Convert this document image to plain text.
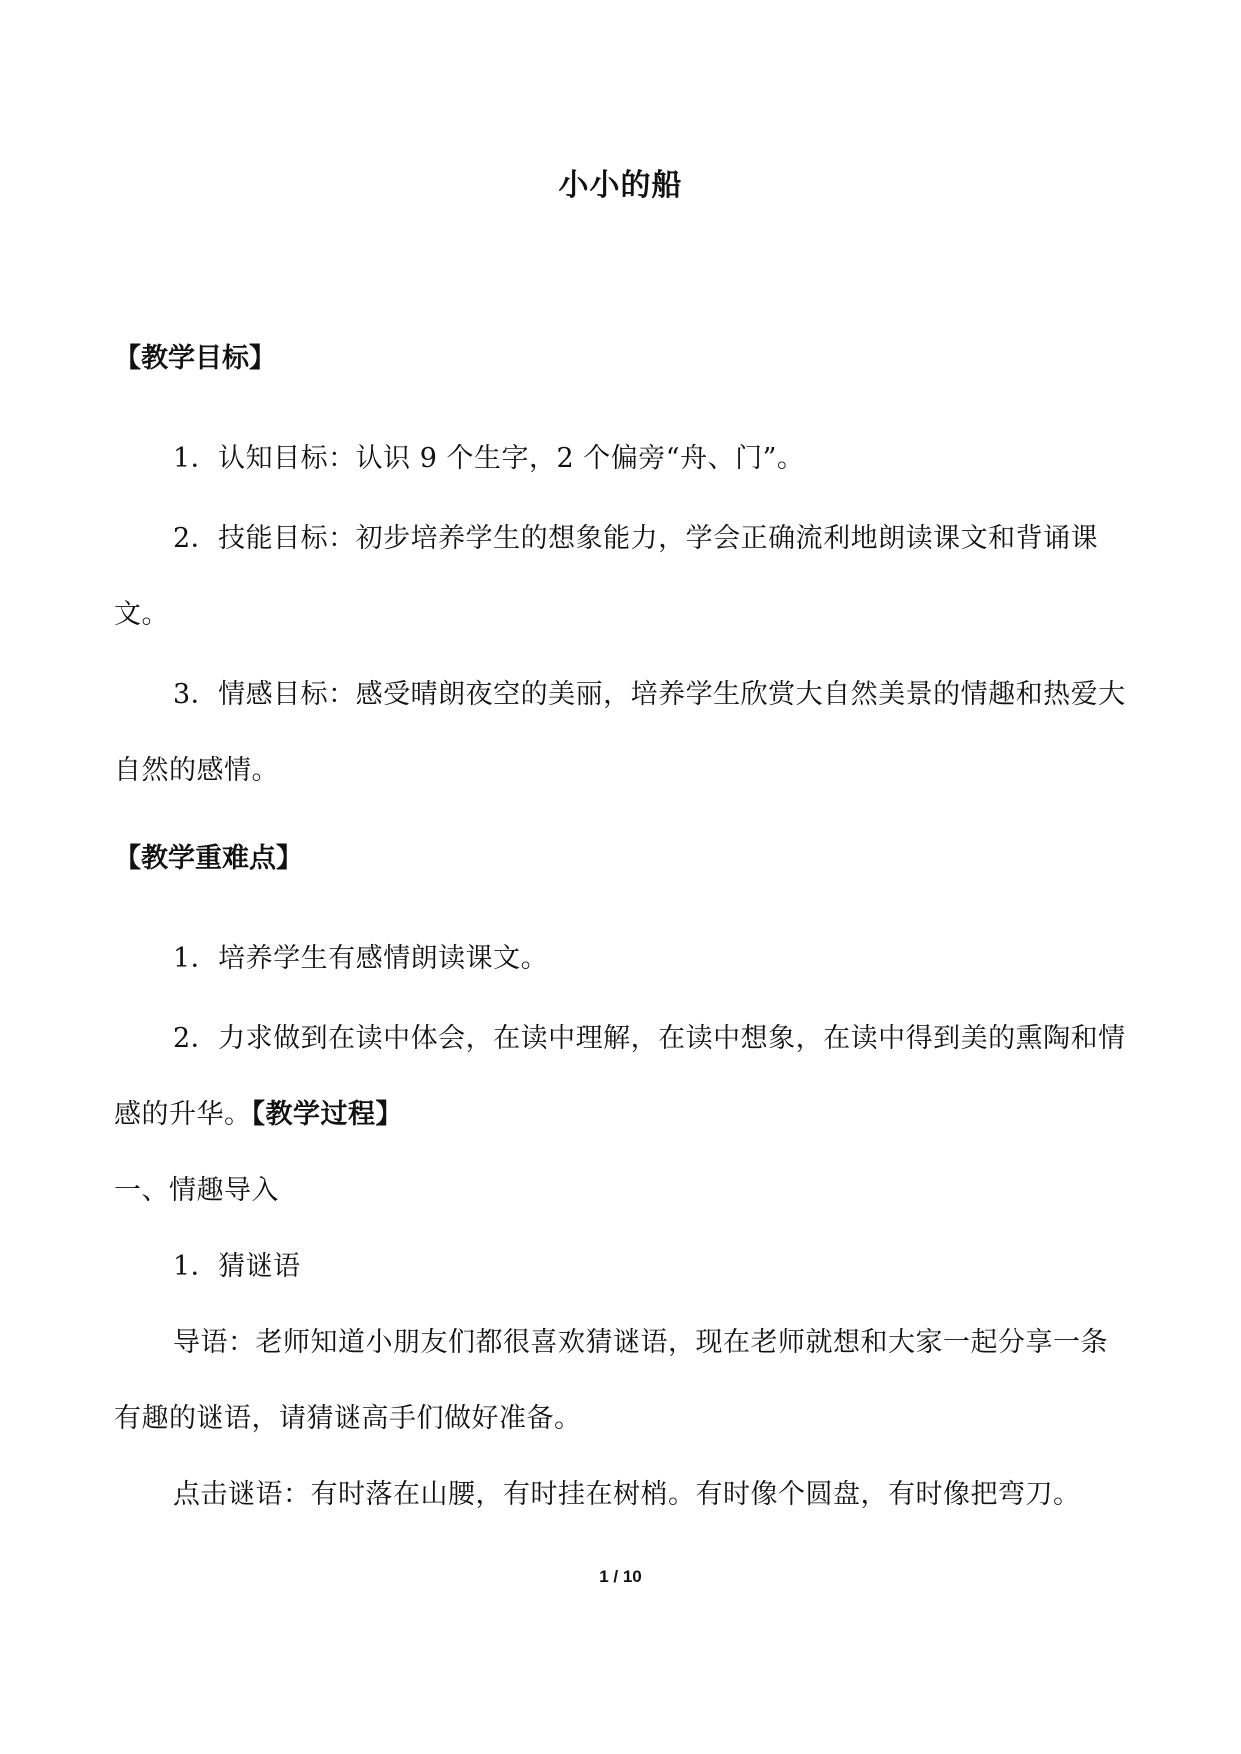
小小的船

【教学目标】

1．认知目标：认识 9 个生字，2 个偏旁“舟、门”。

2．技能目标：初步培养学生的想象能力，学会正确流利地朗读课文和背诵课文。

3．情感目标：感受晴朗夜空的美丽，培养学生欣赏大自然美景的情趣和热爱大自然的感情。

【教学重难点】

1．培养学生有感情朗读课文。

2．力求做到在读中体会，在读中理解，在读中想象，在读中得到美的熏陶和情感的升华。【教学过程】

一、情趣导入

1．猜谜语

导语：老师知道小朋友们都很喜欢猜谜语，现在老师就想和大家一起分享一条有趣的谜语，请猜谜高手们做好准备。

点击谜语：有时落在山腰，有时挂在树梢。有时像个圆盘，有时像把弯刀。

1 / 10
